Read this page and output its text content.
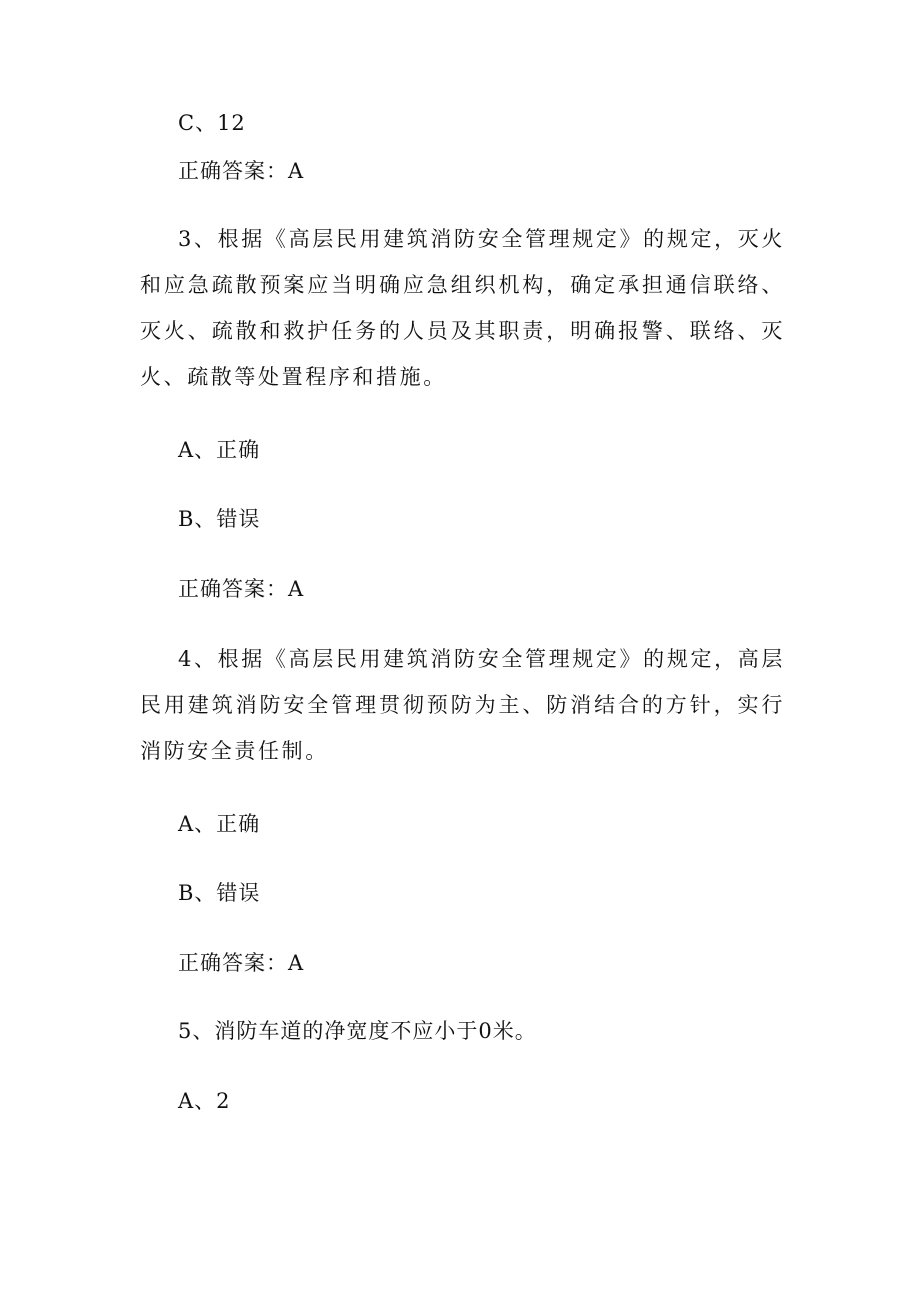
C、12
正确答案：A
3、根据《高层民用建筑消防安全管理规定》的规定，灭火和应急疏散预案应当明确应急组织机构，确定承担通信联络、灭火、疏散和救护任务的人员及其职责，明确报警、联络、灭火、疏散等处置程序和措施。
A、正确
B、错误
正确答案：A
4、根据《高层民用建筑消防安全管理规定》的规定，高层民用建筑消防安全管理贯彻预防为主、防消结合的方针，实行消防安全责任制。
A、正确
B、错误
正确答案：A
5、消防车道的净宽度不应小于0米。
A、2
